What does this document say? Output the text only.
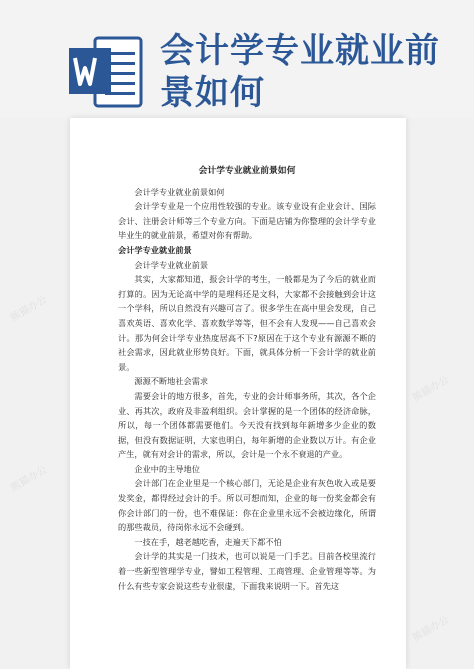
会计学专业就业前
景如何
会计学专业就业前景如何

会计学专业就业前景如何

会计学专业是一个应用性较强的专业。该专业设有企业会计、国际会计、注册会计师等三个专业方向。下面是店铺为你整理的会计学专业毕业生的就业前景，希望对你有帮助。

会计学专业就业前景

会计学专业就业前景

其实，大家都知道，报会计学的考生，一般都是为了今后的就业而打算的。因为无论高中学的是理科还是文科，大家都不会接触到会计这一个学科，所以自然没有兴趣可言了。很多学生在高中里会发现，自己喜欢英语、喜欢化学、喜欢数学等等，但不会有人发现——自己喜欢会计。那为何会计学专业热度居高不下?原因在于这个专业有源源不断的社会需求，因此就业形势良好。下面，就具体分析一下会计学的就业前景。

源源不断地社会需求

需要会计的地方很多，首先，专业的会计师事务所，其次，各个企业、再其次，政府及非盈利组织。会计掌握的是一个团体的经济命脉，所以，每一个团体都需要他们。今天没有找到每年新增多少企业的数据，但没有数据证明，大家也明白，每年新增的企业数以万计。有企业产生，就有对会计的需求，所以，会计是一个永不衰退的产业。

企业中的主导地位

会计部门在企业里是一个核心部门，无论是企业有灰色收入或是要发奖金，都得经过会计的手。所以可想而知，企业的每一份奖金都会有你会计部门的一份，也不难保证：你在企业里永远不会被边缘化，所谓的那些裁员，待岗你永远不会碰到。

一技在手，越老越吃香，走遍天下都不怕

会计学的其实是一门技术，也可以说是一门手艺。目前各校里流行着一些新型管理学专业，譬如工程管理、工商管理、企业管理等等。为什么有些专家会说这些专业很虚，下面我来说明一下。首先这

熊猫办公
熊猫办公
熊猫办公
熊猫办公
